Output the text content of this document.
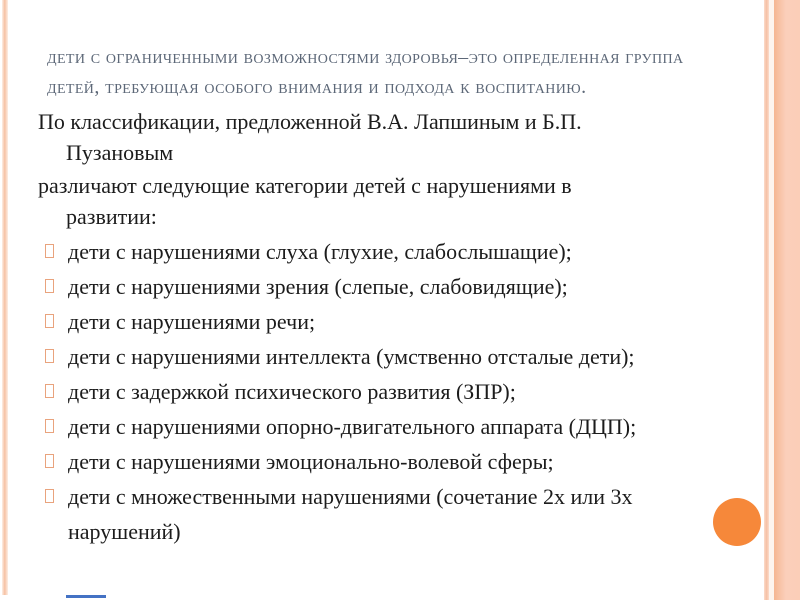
дети с ограниченными возможностями здоровья–это определенная группа детей, требующая особого внимания и подхода к воспитанию.

По классификации, предложенной В.А. Лапшиным и Б.П. Пузановым

различают следующие категории детей с нарушениями в развитии:

дети с нарушениями слуха (глухие, слабослышащие);
дети с нарушениями зрения (слепые, слабовидящие);
дети с нарушениями речи;
дети с нарушениями интеллекта (умственно отсталые дети);
дети с задержкой психического развития (ЗПР);
дети с нарушениями опорно-двигательного аппарата (ДЦП);
дети с нарушениями эмоционально-волевой сферы;
дети с множественными нарушениями (сочетание 2х или 3х нарушений)
